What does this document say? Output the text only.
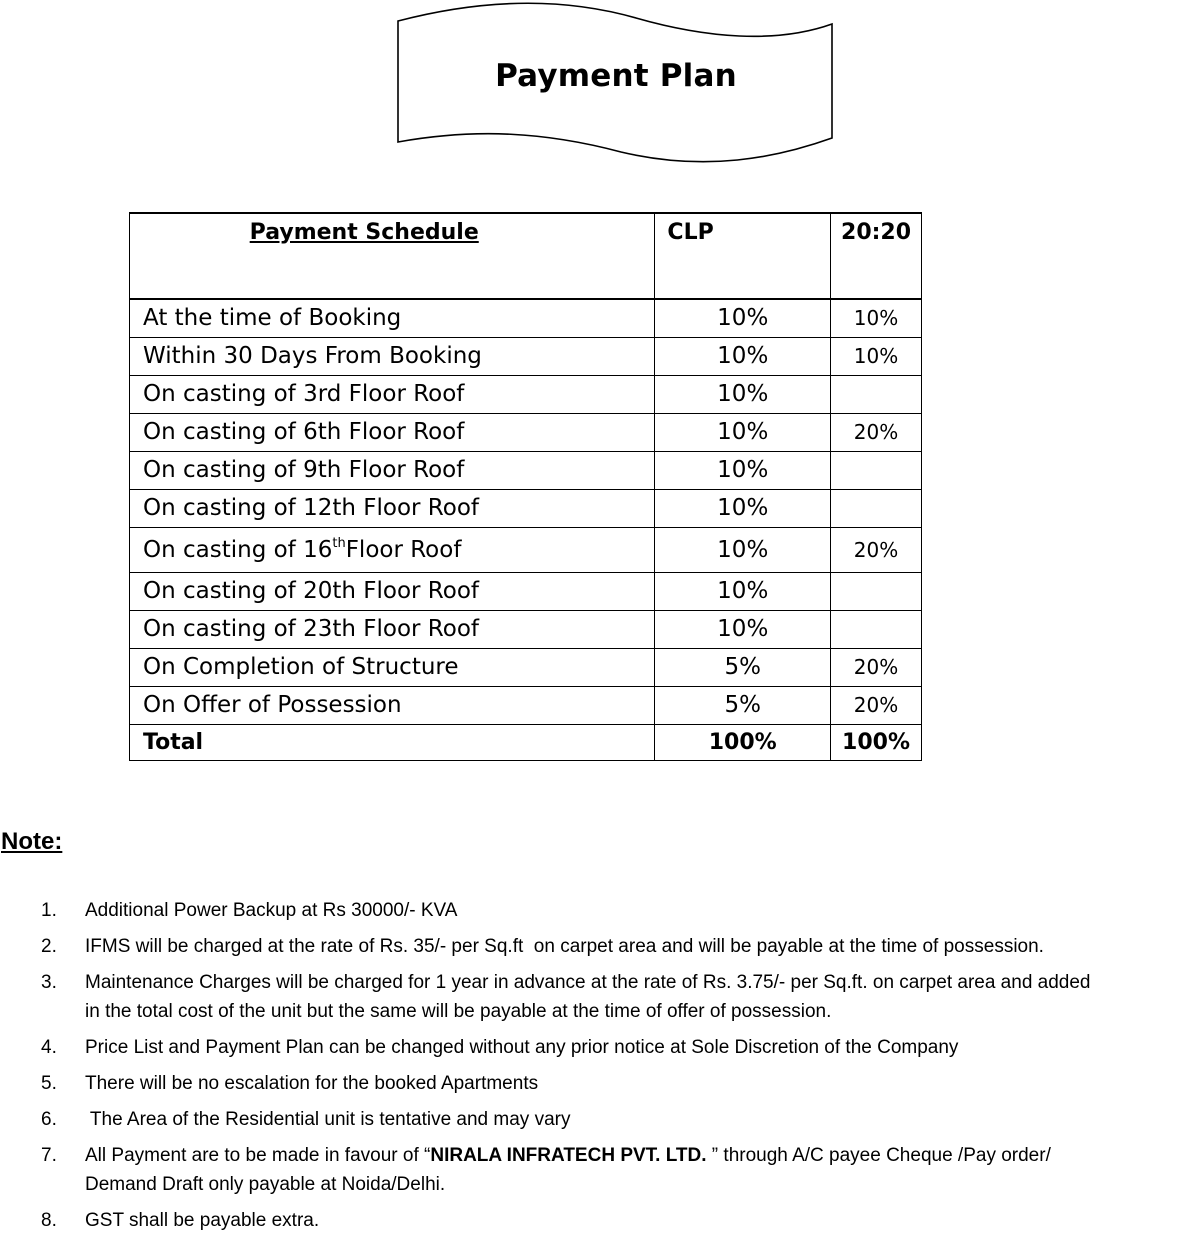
Payment Plan
Payment Schedule	CLP	20:20
At the time of Booking	10%	10%
Within 30 Days From Booking	10%	10%
On casting of 3rd Floor Roof	10%	
On casting of 6th Floor Roof	10%	20%
On casting of 9th Floor Roof	10%	
On casting of 12th Floor Roof	10%	
On casting of 16thFloor Roof	10%	20%
On casting of 20th Floor Roof	10%	
On casting of 23th Floor Roof	10%	
On Completion of Structure	5%	20%
On Offer of Possession	5%	20%
Total	100%	100%
Note:
1. Additional Power Backup at Rs 30000/- KVA
2. IFMS will be charged at the rate of Rs. 35/- per Sq.ft  on carpet area and will be payable at the time of possession.
3. Maintenance Charges will be charged for 1 year in advance at the rate of Rs. 3.75/- per Sq.ft. on carpet area and added
in the total cost of the unit but the same will be payable at the time of offer of possession.
4. Price List and Payment Plan can be changed without any prior notice at Sole Discretion of the Company
5. There will be no escalation for the booked Apartments
6. The Area of the Residential unit is tentative and may vary
7. All Payment are to be made in favour of “NIRALA INFRATECH PVT. LTD. ” through A/C payee Cheque /Pay order/
Demand Draft only payable at Noida/Delhi.
8. GST shall be payable extra.
